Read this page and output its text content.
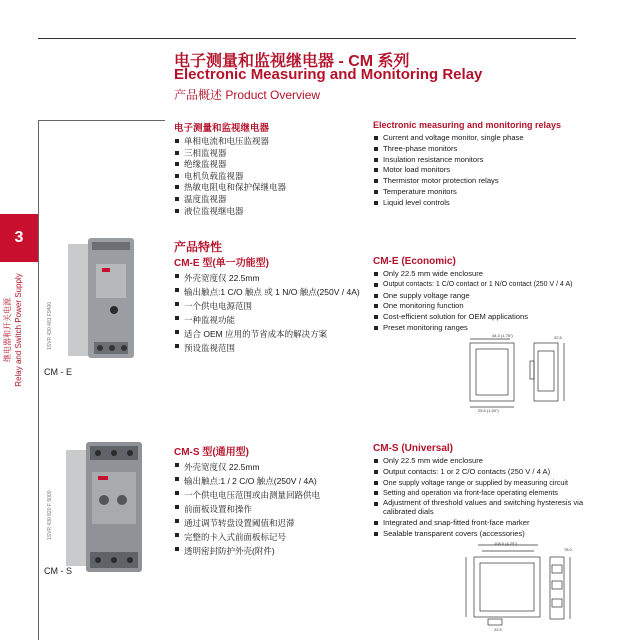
电子测量和监视继电器 - CM 系列
Electronic Measuring and Monitoring Relay
产品概述 Product Overview
3
继电器和开关电源 Relay and Switch Power Supply	1SVR 430 481 F9400
CM - E
1SVR 430 820 F 9000
CM - S
电子测量和监视继电器
单相电流和电压监视器
三相监视器
绝缘监视器
电机负载监视器
热敏电阻电和保护保继电器
温度监视器
液位监视继电器
Electronic measuring and monitoring relays
Current and voltage monitor, single phase
Three-phase monitors
Insulation resistance monitors
Motor load monitors
Thermistor motor protection relays
Temperature monitors
Liquid level controls
产品特性
CM-E 型(单一功能型)
外壳宽度仅 22.5mm
输出触点:1 C/O 触点 或 1 N/O 触点(250V / 4A)
一个供电电源范围
一种监视功能
适合 OEM 应用的节省成本的解决方案
预设监视范围
CM-E (Economic)
Only 22.5 mm wide enclosure
Output contacts: 1 C/O contact or 1 N/O contact (250 V / 4 A)
One supply voltage range
One monitoring function
Cost-efficient solution for OEM applications
Preset monitoring ranges
44.3 (1.75")
25.5 (1.00")
22.5
CM-S 型(通用型)
外壳宽度仅 22.5mm
输出触点:1 / 2 C/O 触点(250V / 4A)
一个供电电压范围或由测量回路供电
前面板设置和操作
通过调节转盘设置阈值和迟滞
完整的卡入式前面板标记号
透明密封防护外壳(附件)
CM-S (Universal)
Only 22.5 mm wide enclosure
Output contacts: 1 or 2 C/O contacts (250 V / 4 A)
One supply voltage range or supplied by measuring circuit
Setting and operation via front-face operating elements
Adjustment of threshold values and switching hysteresis via calibrated dials
Integrated and snap-fitted front-face marker
Sealable transparent covers (accessories)
108.0 (4.25")
22.5
78.0
